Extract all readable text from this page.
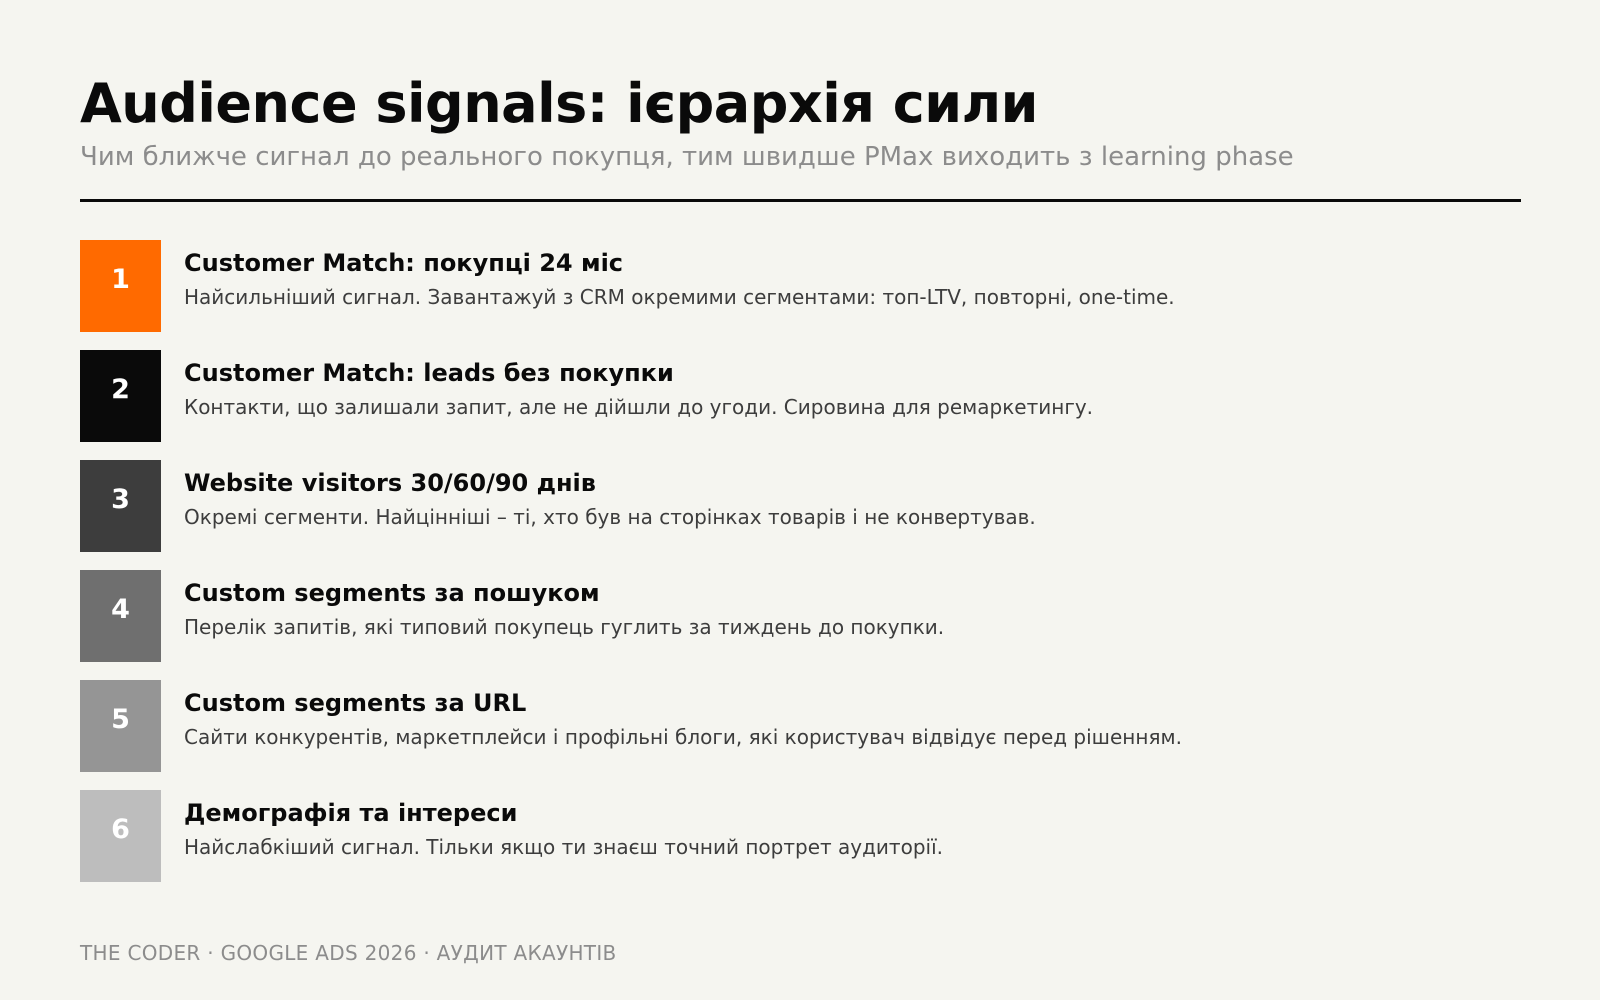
Audience signals: ієрархія сили

Чим ближче сигнал до реального покупця, тим швидше PMax виходить з learning phase

1
Customer Match: покупці 24 міс
Найсильніший сигнал. Завантажуй з CRM окремими сегментами: топ-LTV, повторні, one-time.
2
Customer Match: leads без покупки
Контакти, що залишали запит, але не дійшли до угоди. Сировина для ремаркетингу.
3
Website visitors 30/60/90 днів
Окремі сегменти. Найцінніші – ті, хто був на сторінках товарів і не конвертував.
4
Custom segments за пошуком
Перелік запитів, які типовий покупець гуглить за тиждень до покупки.
5
Custom segments за URL
Сайти конкурентів, маркетплейси і профільні блоги, які користувач відвідує перед рішенням.
6
Демографія та інтереси
Найслабкіший сигнал. Тільки якщо ти знаєш точний портрет аудиторії.
THE CODER · GOOGLE ADS 2026 · АУДИТ АКАУНТІВ
